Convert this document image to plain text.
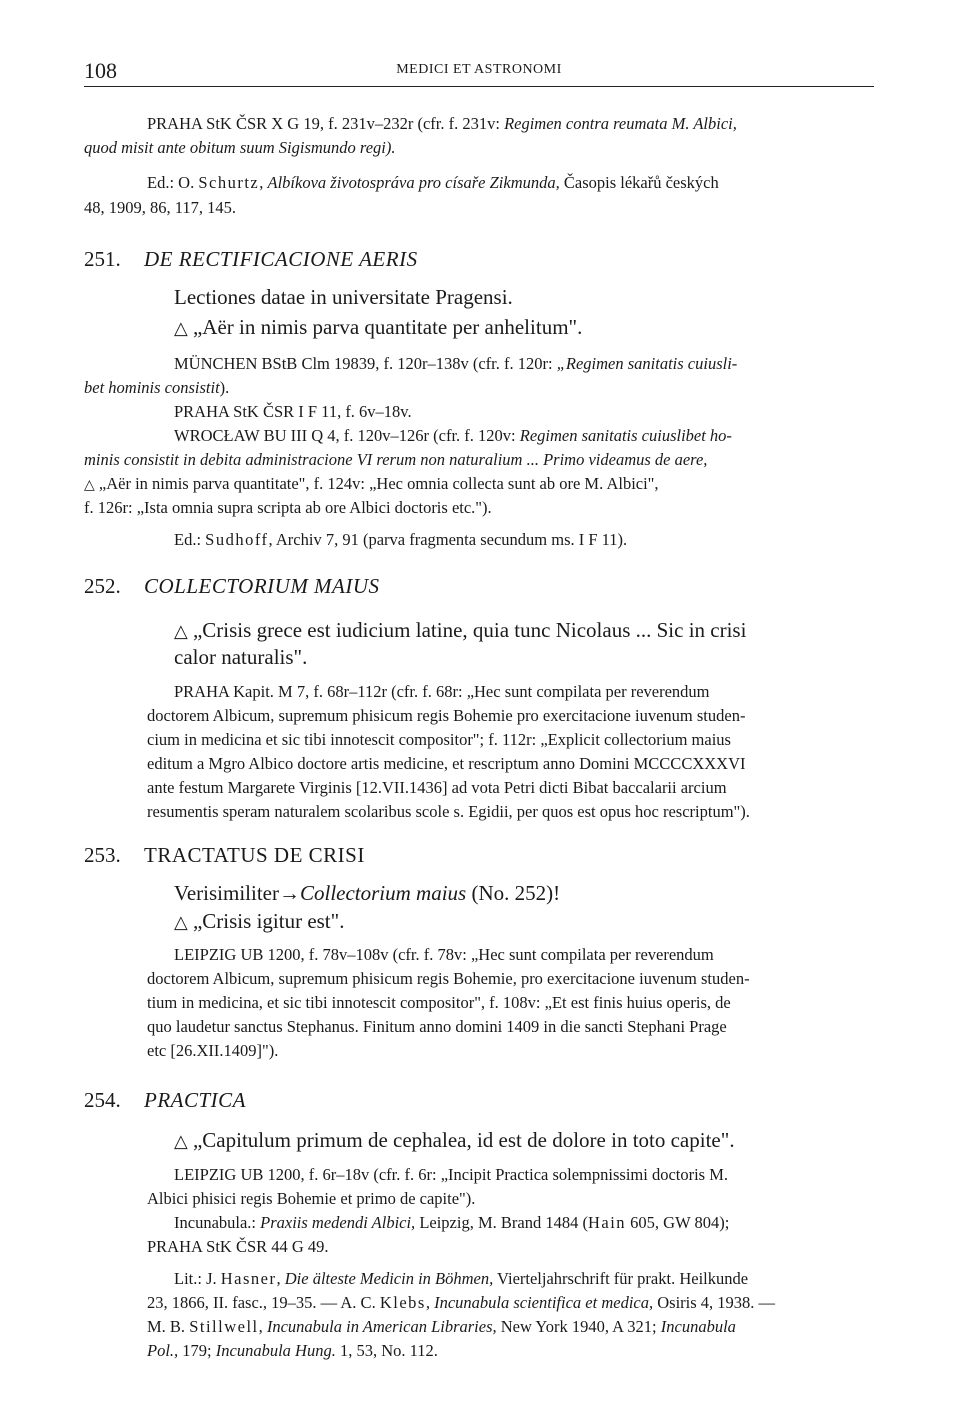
108	MEDICI ET ASTRONOMI
PRAHA StK ČSR X G 19, f. 231v–232r (cfr. f. 231v: Regimen contra reumata M. Albici,
quod misit ante obitum suum Sigismundo regi).
Ed.: O. Schurtz, Albíkova životospráva pro císaře Zikmunda, Časopis lékařů českých
48, 1909, 86, 117, 145.
251. DE RECTIFICACIONE AERIS
Lectiones datae in universitate Pragensi.
△ „Aër in nimis parva quantitate per anhelitum".
MÜNCHEN BStB Clm 19839, f. 120r–138v (cfr. f. 120r: „Regimen sanitatis cuiusli-
bet hominis consistit).
PRAHA StK ČSR I F 11, f. 6v–18v.
WROCŁAW BU III Q 4, f. 120v–126r (cfr. f. 120v: Regimen sanitatis cuiuslibet ho-
minis consistit in debita administracione VI rerum non naturalium ... Primo videamus de aere,
△ „Aër in nimis parva quantitate", f. 124v: „Hec omnia collecta sunt ab ore M. Albici",
f. 126r: „Ista omnia supra scripta ab ore Albici doctoris etc.").
Ed.: Sudhoff, Archiv 7, 91 (parva fragmenta secundum ms. I F 11).
252. COLLECTORIUM MAIUS
△ „Crisis grece est iudicium latine, quia tunc Nicolaus ... Sic in crisi
calor naturalis".
PRAHA Kapit. M 7, f. 68r–112r (cfr. f. 68r: „Hec sunt compilata per reverendum
doctorem Albicum, supremum phisicum regis Bohemie pro exercitacione iuvenum studen-
cium in medicina et sic tibi innotescit compositor"; f. 112r: „Explicit collectorium maius
editum a Mgro Albico doctore artis medicine, et rescriptum anno Domini MCCCCXXXVI
ante festum Margarete Virginis [12.VII.1436] ad vota Petri dicti Bibat baccalarii arcium
resumentis speram naturalem scolaribus scole s. Egidii, per quos est opus hoc rescriptum").
253. TRACTATUS DE CRISI
Verisimiliter→Collectorium maius (No. 252)!
△ „Crisis igitur est".
LEIPZIG UB 1200, f. 78v–108v (cfr. f. 78v: „Hec sunt compilata per reverendum
doctorem Albicum, supremum phisicum regis Bohemie, pro exercitacione iuvenum studen-
tium in medicina, et sic tibi innotescit compositor", f. 108v: „Et est finis huius operis, de
quo laudetur sanctus Stephanus. Finitum anno domini 1409 in die sancti Stephani Prage
etc [26.XII.1409]").
254. PRACTICA
△ „Capitulum primum de cephalea, id est de dolore in toto capite".
LEIPZIG UB 1200, f. 6r–18v (cfr. f. 6r: „Incipit Practica solempnissimi doctoris M.
Albici phisici regis Bohemie et primo de capite").
Incunabula.: Praxiis medendi Albici, Leipzig, M. Brand 1484 (Hain 605, GW 804);
PRAHA StK ČSR 44 G 49.
Lit.: J. Hasner, Die älteste Medicin in Böhmen, Vierteljahrschrift für prakt. Heilkunde
23, 1866, II. fasc., 19–35. — A. C. Klebs, Incunabula scientifica et medica, Osiris 4, 1938. —
M. B. Stillwell, Incunabula in American Libraries, New York 1940, A 321; Incunabula
Pol., 179; Incunabula Hung. 1, 53, No. 112.
